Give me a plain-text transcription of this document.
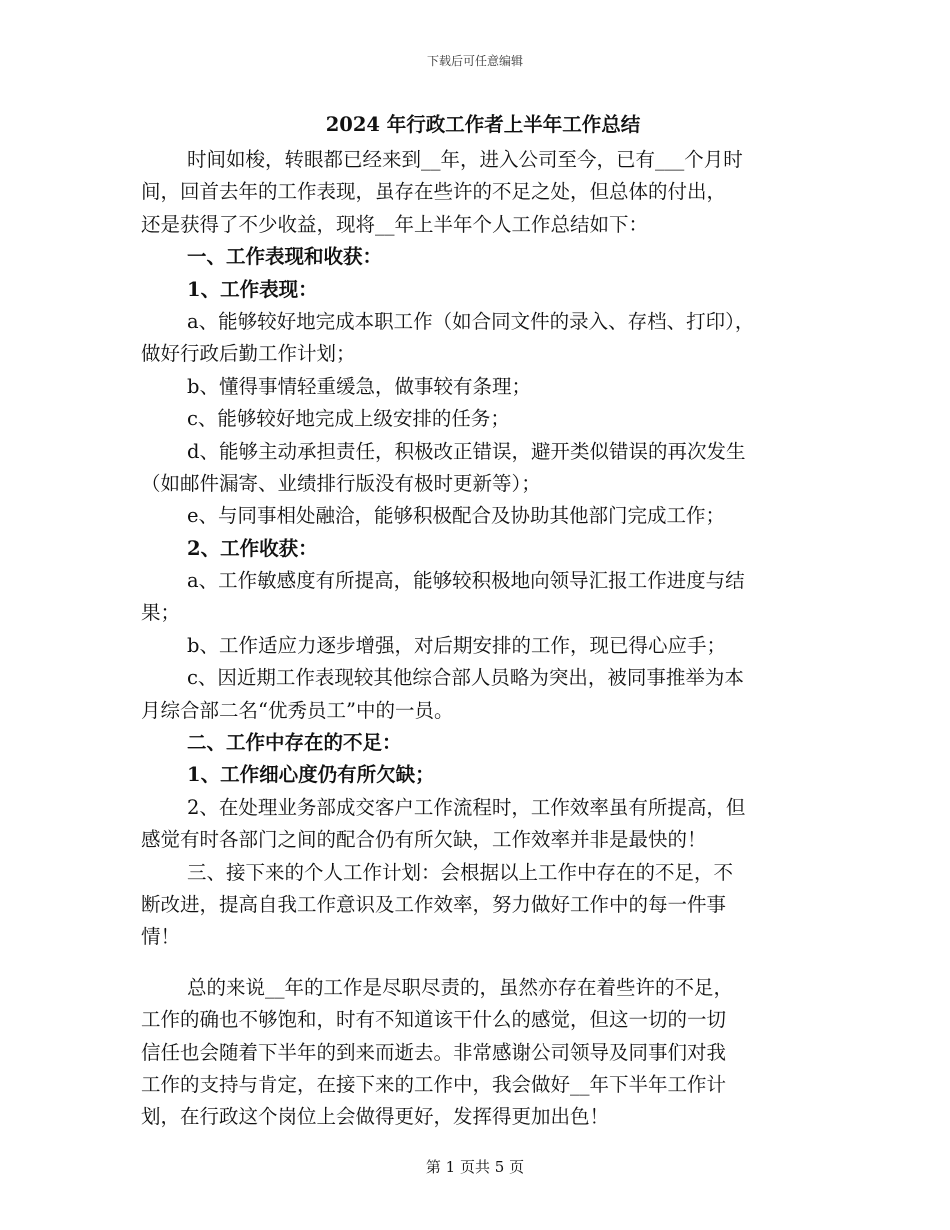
下载后可任意编辑
2024 年行政工作者上半年工作总结
时间如梭，转眼都已经来到__年，进入公司至今，已有___个月时
间，回首去年的工作表现，虽存在些许的不足之处，但总体的付出，
还是获得了不少收益，现将__年上半年个人工作总结如下：
一、工作表现和收获：
1、工作表现：
a、能够较好地完成本职工作（如合同文件的录入、存档、打印），
做好行政后勤工作计划；
b、懂得事情轻重缓急，做事较有条理；
c、能够较好地完成上级安排的任务；
d、能够主动承担责任，积极改正错误，避开类似错误的再次发生
（如邮件漏寄、业绩排行版没有极时更新等）；
e、与同事相处融洽，能够积极配合及协助其他部门完成工作；
2、工作收获：
a、工作敏感度有所提高，能够较积极地向领导汇报工作进度与结
果；
b、工作适应力逐步增强，对后期安排的工作，现已得心应手；
c、因近期工作表现较其他综合部人员略为突出，被同事推举为本
月综合部二名“优秀员工”中的一员。
二、工作中存在的不足：
1、工作细心度仍有所欠缺；
2、在处理业务部成交客户工作流程时，工作效率虽有所提高，但
感觉有时各部门之间的配合仍有所欠缺，工作效率并非是最快的！
三、接下来的个人工作计划：会根据以上工作中存在的不足，不
断改进，提高自我工作意识及工作效率，努力做好工作中的每一件事
情！
总的来说__年的工作是尽职尽责的，虽然亦存在着些许的不足，
工作的确也不够饱和，时有不知道该干什么的感觉，但这一切的一切
信任也会随着下半年的到来而逝去。非常感谢公司领导及同事们对我
工作的支持与肯定，在接下来的工作中，我会做好__年下半年工作计
划，在行政这个岗位上会做得更好，发挥得更加出色！
第 1 页共 5 页
